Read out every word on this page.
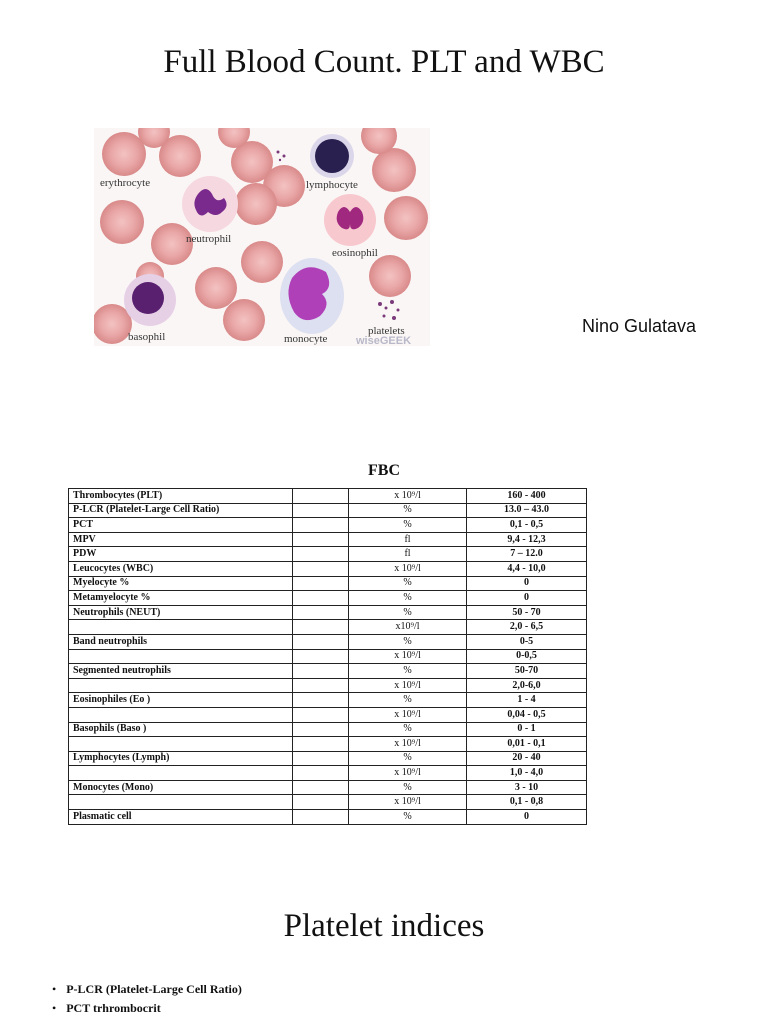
Full Blood Count. PLT and WBC
erythrocyte	lymphocyte
neutrophil
eosinophil
basophil	monocyte
platelets
wiseGEEK
Nino Gulatava
FBC
Thrombocytes (PLT)		x 10⁹/l	160 - 400
P-LCR (Platelet-Large Cell Ratio)		%	13.0 – 43.0
PCT		%	0,1 - 0,5
MPV		fl	9,4 - 12,3
PDW		fl	7 – 12.0
Leucocytes (WBC)		x 10⁹/l	4,4 - 10,0
Myelocyte %		%	0
Metamyelocyte %		%	0
Neutrophils (NEUT)		%	50 - 70
		x10⁹/l	2,0 - 6,5
Band neutrophils		%	0-5
		x 10⁹/l	0-0,5
Segmented neutrophils		%	50-70
		x 10⁹/l	2,0-6,0
Eosinophiles (Eo )		%	1 - 4
		x 10⁹/l	0,04 - 0,5
Basophils (Baso )		%	0 - 1
		x 10⁹/l	0,01 - 0,1
Lymphocytes (Lymph)		%	20 - 40
		x 10⁹/l	1,0 - 4,0
Monocytes (Mono)		%	3 - 10
		x 10⁹/l	0,1 - 0,8
Plasmatic cell		%	0
Platelet indices
• P-LCR (Platelet-Large Cell Ratio)
• PCT trhrombocrit
